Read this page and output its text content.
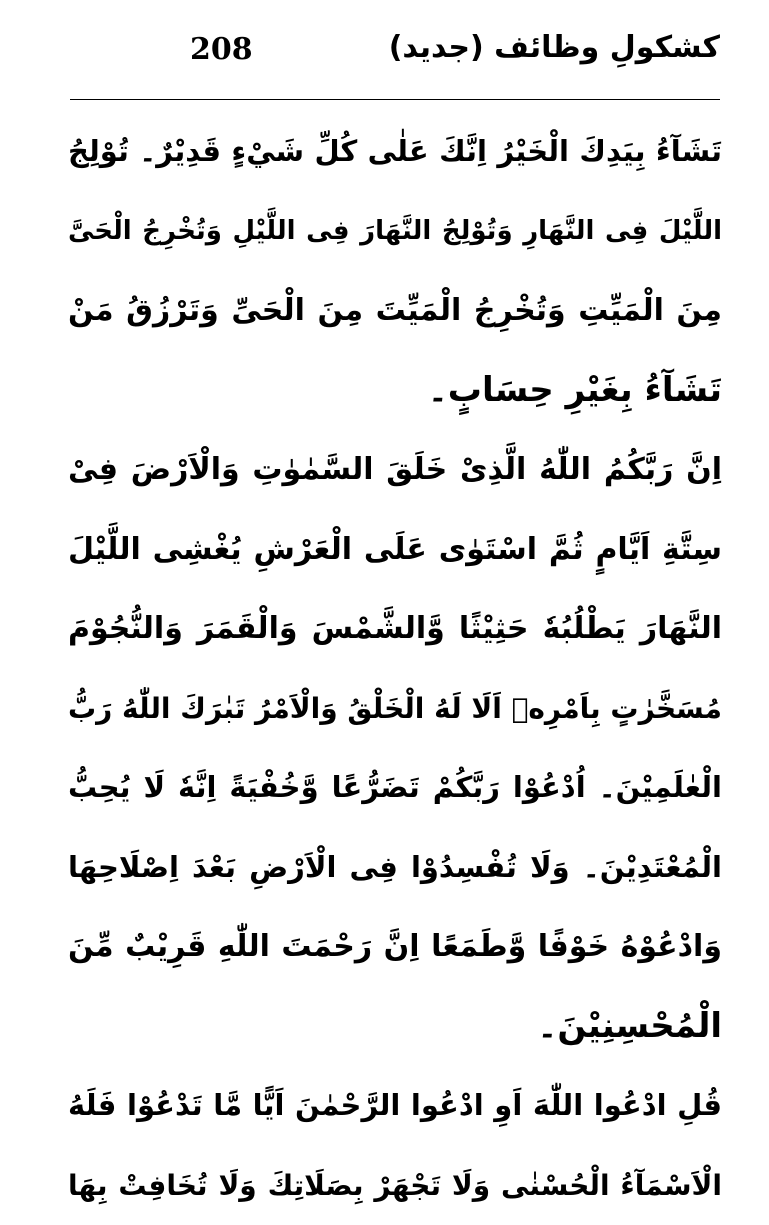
208	کشکولِ وظائف (جدید)
تَشَآءُ بِيَدِكَ الْخَيْرُ اِنَّكَ عَلٰى كُلِّ شَيْءٍ قَدِيْرٌ۔ تُوْلِجُ
اللَّيْلَ فِى النَّهَارِ وَتُوْلِجُ النَّهَارَ فِى اللَّيْلِ وَتُخْرِجُ الْحَىَّ
مِنَ الْمَيِّتِ وَتُخْرِجُ الْمَيِّتَ مِنَ الْحَىِّ وَتَرْزُقُ مَنْ
تَشَآءُ بِغَيْرِ حِسَابٍ۔
اِنَّ رَبَّكُمُ اللّٰهُ الَّذِىْ خَلَقَ السَّمٰوٰتِ وَالْاَرْضَ فِىْ
سِتَّةِ اَيَّامٍ ثُمَّ اسْتَوٰى عَلَى الْعَرْشِ يُغْشِى اللَّيْلَ
النَّهَارَ يَطْلُبُهٗ حَثِيْثًا وَّالشَّمْسَ وَالْقَمَرَ وَالنُّجُوْمَ
مُسَخَّرٰتٍ بِاَمْرِهٖ اَلَا لَهُ الْخَلْقُ وَالْاَمْرُ تَبٰرَكَ اللّٰهُ رَبُّ
الْعٰلَمِيْنَ۔ اُدْعُوْا رَبَّكُمْ تَضَرُّعًا وَّخُفْيَةً اِنَّهٗ لَا يُحِبُّ
الْمُعْتَدِيْنَ۔ وَلَا تُفْسِدُوْا فِى الْاَرْضِ بَعْدَ اِصْلَاحِهَا
وَادْعُوْهُ خَوْفًا وَّطَمَعًا اِنَّ رَحْمَتَ اللّٰهِ قَرِيْبٌ مِّنَ
الْمُحْسِنِيْنَ۔
قُلِ ادْعُوا اللّٰهَ اَوِ ادْعُوا الرَّحْمٰنَ اَيًّا مَّا تَدْعُوْا فَلَهُ
الْاَسْمَآءُ الْحُسْنٰى وَلَا تَجْهَرْ بِصَلَاتِكَ وَلَا تُخَافِتْ بِهَا
